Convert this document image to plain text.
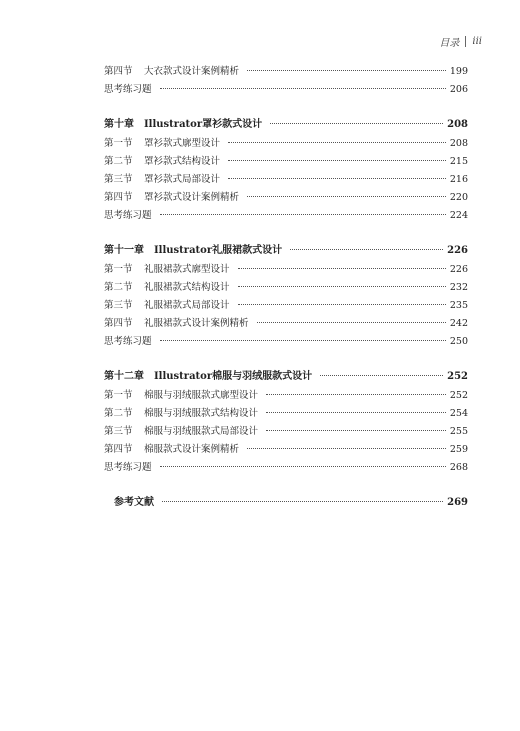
目录 iii
第四节	大衣款式设计案例精析	199
思考练习题	206
第十章 Illustrator罩衫款式设计	208
第一节	罩衫款式廓型设计	208
第二节	罩衫款式结构设计	215
第三节	罩衫款式局部设计	216
第四节	罩衫款式设计案例精析	220
思考练习题	224
第十一章 Illustrator礼服裙款式设计	226
第一节	礼服裙款式廓型设计	226
第二节	礼服裙款式结构设计	232
第三节	礼服裙款式局部设计	235
第四节	礼服裙款式设计案例精析	242
思考练习题	250
第十二章 Illustrator棉服与羽绒服款式设计	252
第一节	棉服与羽绒服款式廓型设计	252
第二节	棉服与羽绒服款式结构设计	254
第三节	棉服与羽绒服款式局部设计	255
第四节	棉服款式设计案例精析	259
思考练习题	268
参考文献	269
